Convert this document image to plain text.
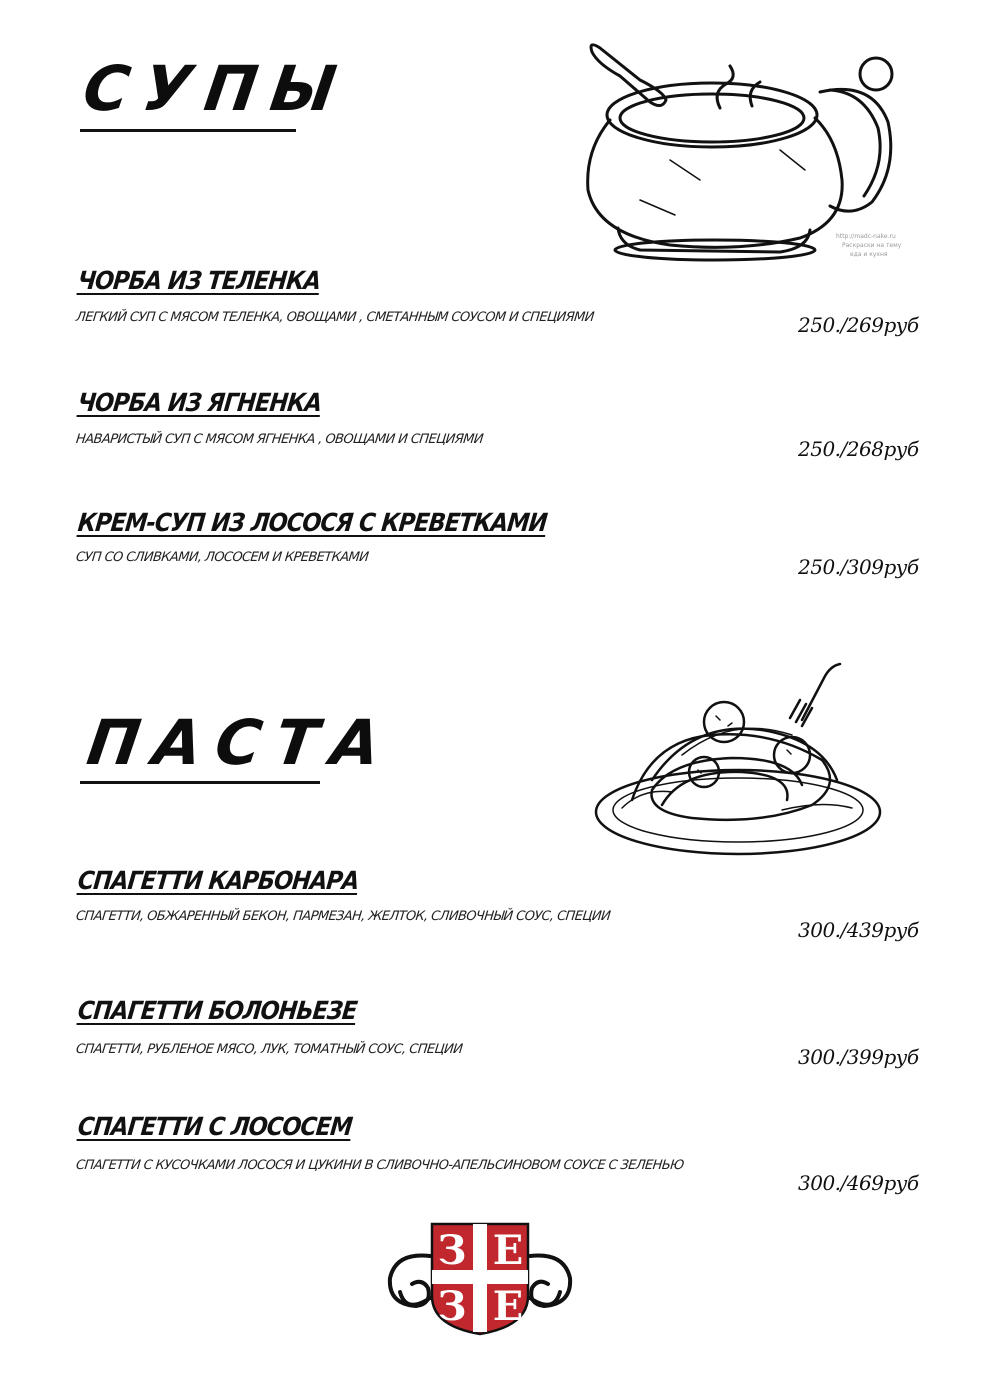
СУПЫ
http://madc-nake.ru
Раскраски на тему
еда и кухня
ЧОРБА ИЗ ТЕЛЕНКА
ЛЕГКИЙ СУП С МЯСОМ ТЕЛЕНКА, ОВОЩАМИ , СМЕТАННЫМ СОУСОМ И СПЕЦИЯМИ	250./269руб
ЧОРБА ИЗ ЯГНЕНКА
НАВАРИСТЫЙ СУП С МЯСОМ ЯГНЕНКА , ОВОЩАМИ И СПЕЦИЯМИ	250./268руб
КРЕМ-СУП ИЗ ЛОСОСЯ С КРЕВЕТКАМИ
СУП СО СЛИВКАМИ, ЛОСОСЕМ И КРЕВЕТКАМИ	250./309руб
ПАСТА
СПАГЕТТИ КАРБОНАРА
СПАГЕТТИ, ОБЖАРЕННЫЙ БЕКОН, ПАРМЕЗАН, ЖЕЛТОК, СЛИВОЧНЫЙ СОУС, СПЕЦИИ
300./439руб
СПАГЕТТИ БОЛОНЬЕЗЕ
СПАГЕТТИ, РУБЛЕНОЕ МЯСО, ЛУК, ТОМАТНЫЙ СОУС, СПЕЦИИ	300./399руб
СПАГЕТТИ С ЛОСОСЕМ
СПАГЕТТИ С КУСОЧКАМИ ЛОСОСЯ И ЦУКИНИ В СЛИВОЧНО-АПЕЛЬСИНОВОМ СОУСЕ С ЗЕЛЕНЬЮ
300./469руб
З Е
З Е
